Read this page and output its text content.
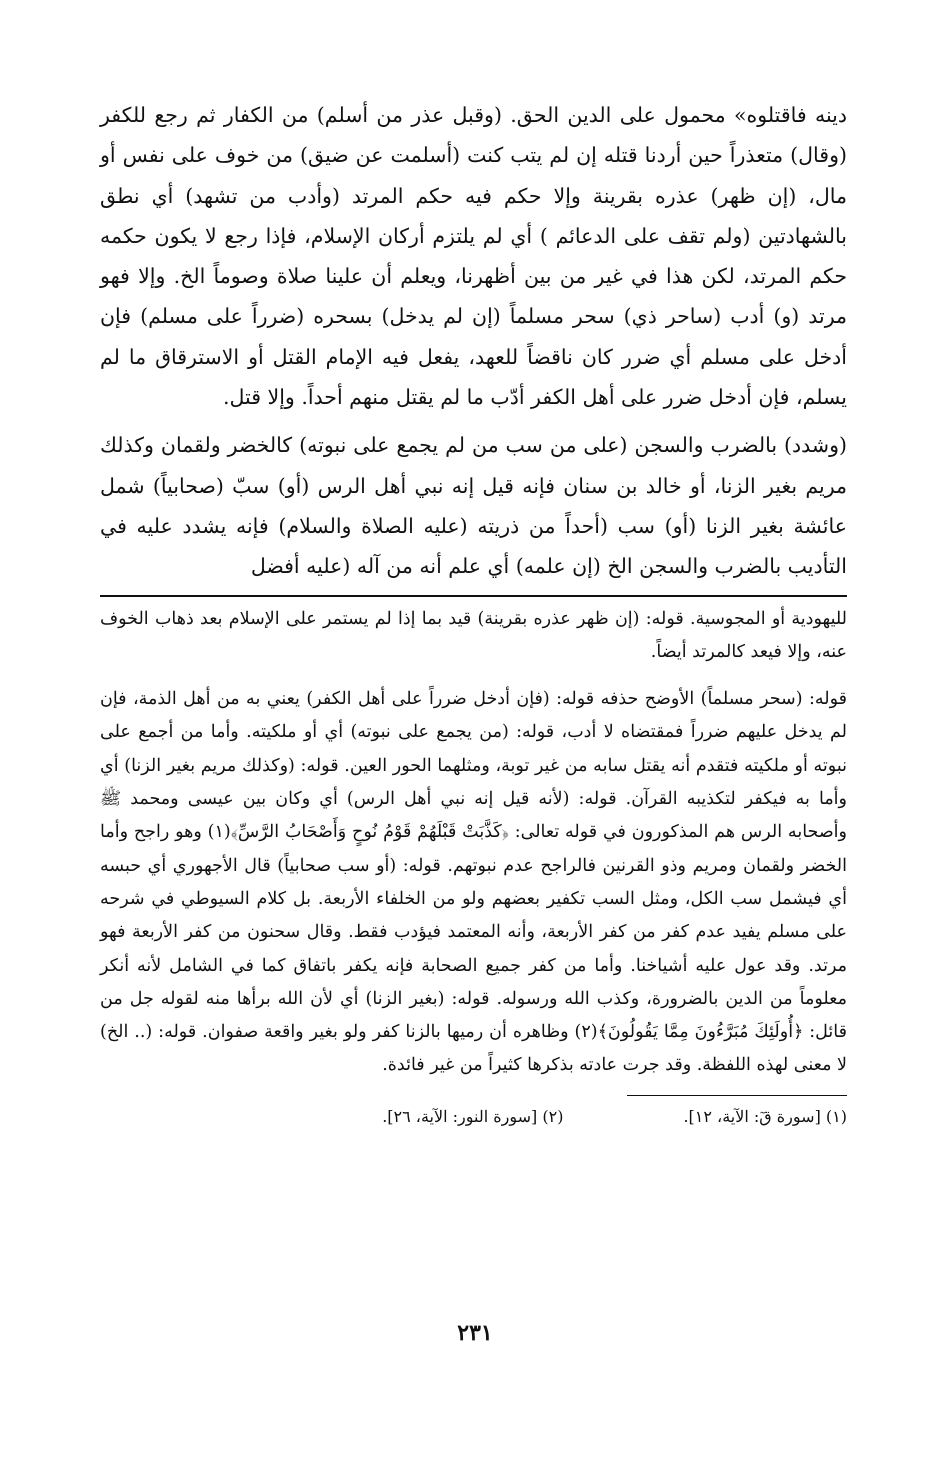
دينه فاقتلوه» محمول على الدين الحق. (وقبل عذر من أسلم) من الكفار ثم رجع للكفر (وقال) متعذراً حين أردنا قتله إن لم يتب كنت (أسلمت عن ضيق) من خوف على نفس أو مال، (إن ظهر) عذره بقرينة وإلا حكم فيه حكم المرتد (وأدب من تشهد) أي نطق بالشهادتين (ولم تقف على الدعائم ) أي لم يلتزم أركان الإسلام، فإذا رجع لا يكون حكمه حكم المرتد، لكن هذا في غير من بين أظهرنا، ويعلم أن علينا صلاة وصوماً الخ. وإلا فهو مرتد (و) أدب (ساحر ذي) سحر مسلماً (إن لم يدخل) بسحره (ضرراً على مسلم) فإن أدخل على مسلم أي ضرر كان ناقضاً للعهد، يفعل فيه الإمام القتل أو الاسترقاق ما لم يسلم، فإن أدخل ضرر على أهل الكفر أدّب ما لم يقتل منهم أحداً. وإلا قتل.

(وشدد) بالضرب والسجن (على من سب من لم يجمع على نبوته) كالخضر ولقمان وكذلك مريم بغير الزنا، أو خالد بن سنان فإنه قيل إنه نبي أهل الرس (أو) سبّ (صحابياً) شمل عائشة بغير الزنا (أو) سب (أحداً من ذريته (عليه الصلاة والسلام) فإنه يشدد عليه في التأديب بالضرب والسجن الخ (إن علمه) أي علم أنه من آله (عليه أفضل

لليهودية أو المجوسية. قوله: (إن ظهر عذره بقرينة) قيد بما إذا لم يستمر على الإسلام بعد ذهاب الخوف عنه، وإلا فيعد كالمرتد أيضاً.

قوله: (سحر مسلماً) الأوضح حذفه قوله: (فإن أدخل ضرراً على أهل الكفر) يعني به من أهل الذمة، فإن لم يدخل عليهم ضرراً فمقتضاه لا أدب، قوله: (من يجمع على نبوته) أي أو ملكيته. وأما من أجمع على نبوته أو ملكيته فتقدم أنه يقتل سابه من غير توبة، ومثلهما الحور العين. قوله: (وكذلك مريم بغير الزنا) أي وأما به فيكفر لتكذيبه القرآن. قوله: (لأنه قيل إنه نبي أهل الرس) أي وكان بين عيسى ومحمد ﷺ وأصحابه الرس هم المذكورون في قوله تعالى: ﴿كَذَّبَتْ قَبْلَهُمْ قَوْمُ نُوحٍ وَأَصْحَابُ الرَّسِّ﴾(١) وهو راجح وأما الخضر ولقمان ومريم وذو القرنين فالراجح عدم نبوتهم. قوله: (أو سب صحابياً) قال الأجهوري أي حبسه أي فيشمل سب الكل، ومثل السب تكفير بعضهم ولو من الخلفاء الأربعة. بل كلام السيوطي في شرحه على مسلم يفيد عدم كفر من كفر الأربعة، وأنه المعتمد فيؤدب فقط. وقال سحنون من كفر الأربعة فهو مرتد. وقد عول عليه أشياخنا. وأما من كفر جميع الصحابة فإنه يكفر باتفاق كما في الشامل لأنه أنكر معلوماً من الدين بالضرورة، وكذب الله ورسوله. قوله: (بغير الزنا) أي لأن الله برأها منه لقوله جل من قائل: ﴿أُولَئِكَ مُبَرَّءُونَ مِمَّا يَقُولُونَ﴾(٢) وظاهره أن رميها بالزنا كفر ولو بغير واقعة صفوان. قوله: (.. الخ) لا معنى لهذه اللفظة. وقد جرت عادته بذكرها كثيراً من غير فائدة.

(١) [سورة قٓ: الآية، ١٢].
(٢) [سورة النور: الآية، ٢٦].
٢٣١
